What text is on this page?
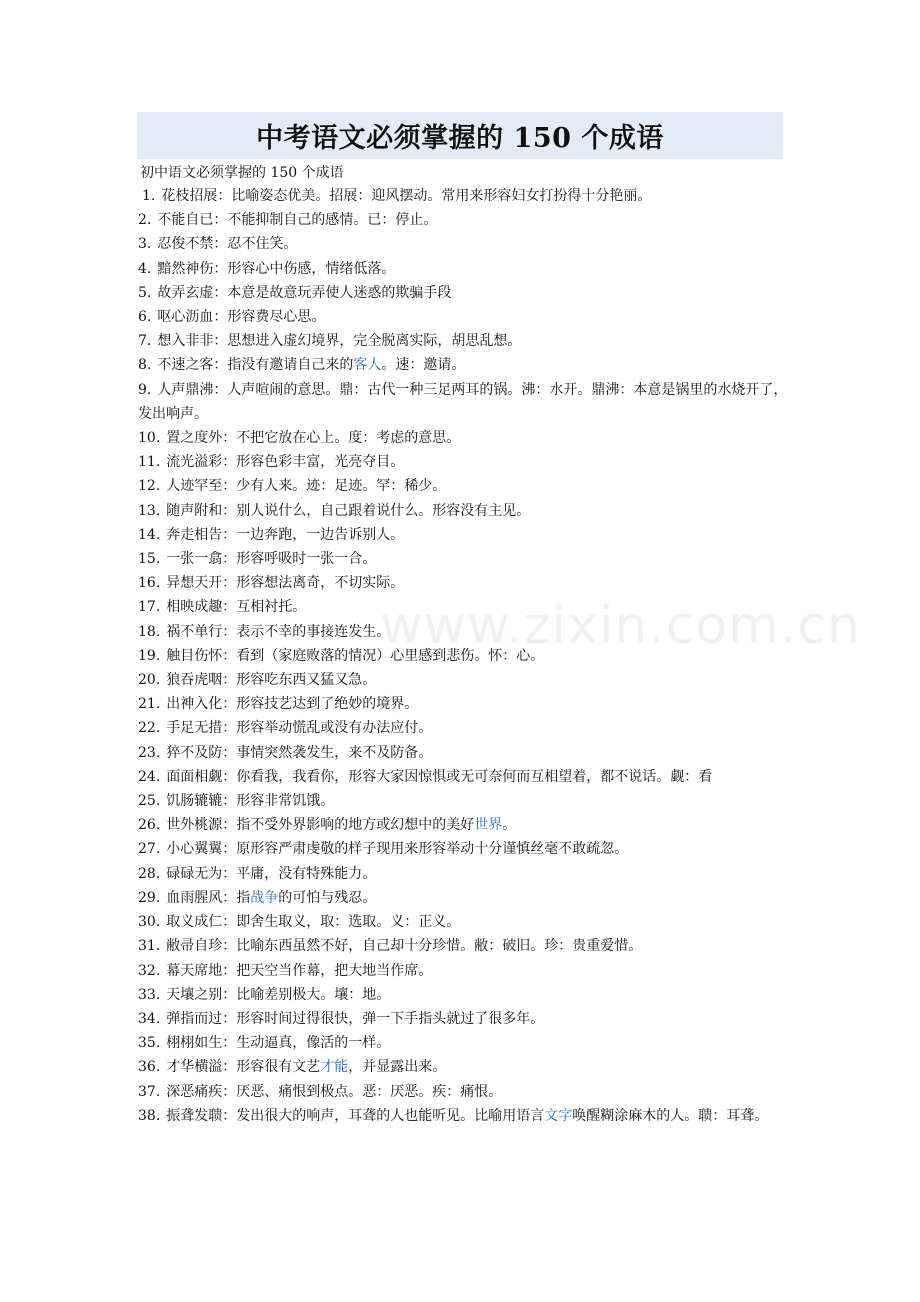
中考语文必须掌握的 150 个成语
初中语文必须掌握的 150 个成语
1. 花枝招展：比喻姿态优美。招展：迎风摆动。常用来形容妇女打扮得十分艳丽。
2. 不能自已：不能抑制自己的感情。已：停止。
3. 忍俊不禁：忍不住笑。
4. 黯然神伤：形容心中伤感，情绪低落。
5. 故弄玄虚：本意是故意玩弄使人迷惑的欺骗手段
6. 呕心沥血：形容费尽心思。
7. 想入非非：思想进入虚幻境界，完全脱离实际，胡思乱想。
8. 不速之客：指没有邀请自己来的客人。速：邀请。
9. 人声鼎沸：人声喧闹的意思。鼎：古代一种三足两耳的锅。沸：水开。鼎沸：本意是锅里的水烧开了，发出响声。
10. 置之度外：不把它放在心上。度：考虑的意思。
11. 流光溢彩：形容色彩丰富，光亮夺目。
12. 人迹罕至：少有人来。迹：足迹。罕：稀少。
13. 随声附和：别人说什么，自己跟着说什么。形容没有主见。
14. 奔走相告：一边奔跑，一边告诉别人。
15. 一张一翕：形容呼吸时一张一合。
16. 异想天开：形容想法离奇，不切实际。
17. 相映成趣：互相衬托。
18. 祸不单行：表示不幸的事接连发生。
19. 触目伤怀：看到（家庭败落的情况）心里感到悲伤。怀：心。
20. 狼吞虎咽：形容吃东西又猛又急。
21. 出神入化：形容技艺达到了绝妙的境界。
22. 手足无措：形容举动慌乱或没有办法应付。
23. 猝不及防：事情突然袭发生，来不及防备。
24. 面面相觑：你看我，我看你，形容大家因惊惧或无可奈何而互相望着，都不说话。觑：看
25. 饥肠辘辘：形容非常饥饿。
26. 世外桃源：指不受外界影响的地方或幻想中的美好世界。
27. 小心翼翼：原形容严肃虔敬的样子现用来形容举动十分谨慎丝毫不敢疏忽。
28. 碌碌无为：平庸，没有特殊能力。
29. 血雨腥风：指战争的可怕与残忍。
30. 取义成仁：即舍生取义，取：选取。义：正义。
31. 敝帚自珍：比喻东西虽然不好，自己却十分珍惜。敝：破旧。珍：贵重爱惜。
32. 幕天席地：把天空当作幕，把大地当作席。
33. 天壤之别：比喻差别极大。壤：地。
34. 弹指而过：形容时间过得很快，弹一下手指头就过了很多年。
35. 栩栩如生：生动逼真，像活的一样。
36. 才华横溢：形容很有文艺才能，并显露出来。
37. 深恶痛疾：厌恶、痛恨到极点。恶：厌恶。疾：痛恨。
38. 振聋发聩：发出很大的响声，耳聋的人也能听见。比喻用语言文字唤醒糊涂麻木的人。聩：耳聋。
www.zixin.com.cn
